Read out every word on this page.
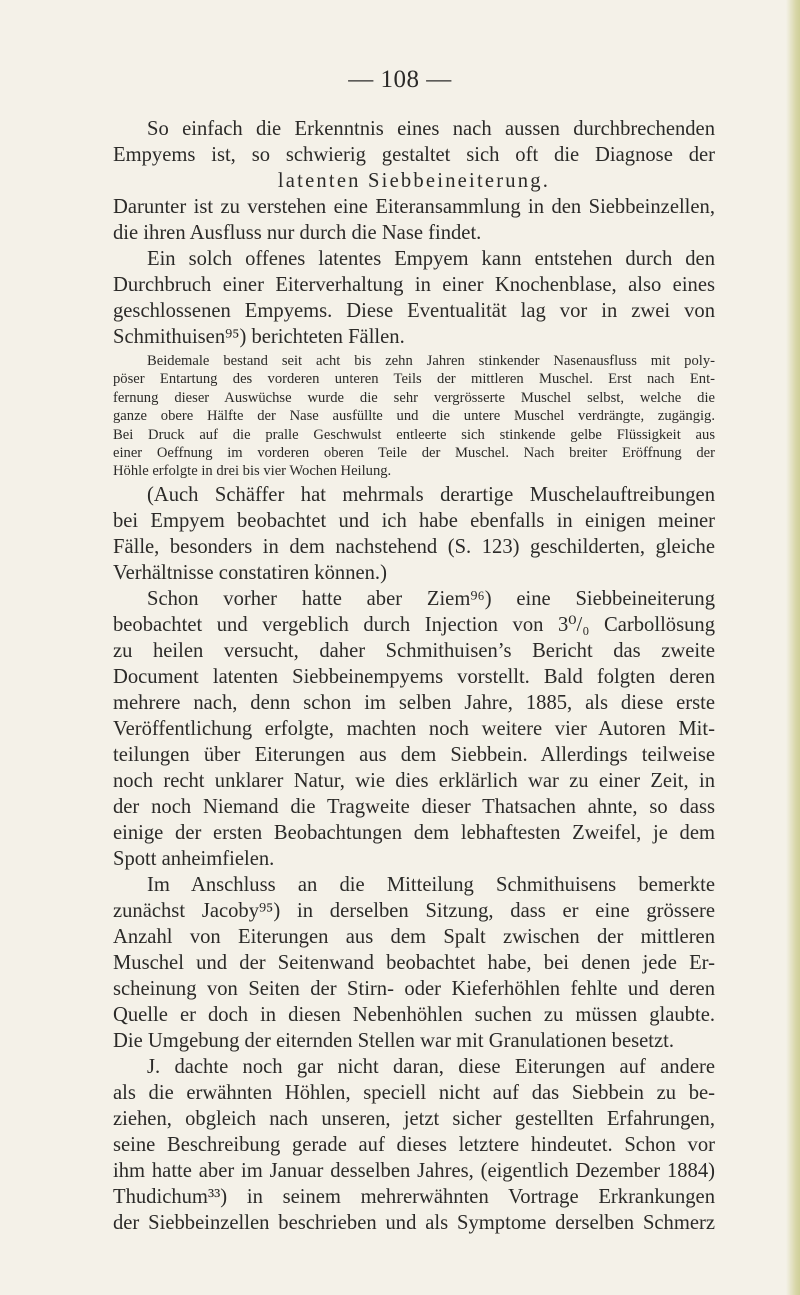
— 108 —
So einfach die Erkenntnis eines nach aussen durchbrechenden
Empyems ist, so schwierig gestaltet sich oft die Diagnose der
latenten Siebbeineiterung.
Darunter ist zu verstehen eine Eiteransammlung in den Siebbeinzellen,
die ihren Ausfluss nur durch die Nase findet.
Ein solch offenes latentes Empyem kann entstehen durch den
Durchbruch einer Eiterverhaltung in einer Knochenblase, also eines
geschlossenen Empyems. Diese Eventualität lag vor in zwei von
Schmithuisen⁹⁵) berichteten Fällen.
Beidemale bestand seit acht bis zehn Jahren stinkender Nasenausfluss mit poly-
pöser Entartung des vorderen unteren Teils der mittleren Muschel. Erst nach Ent-
fernung dieser Auswüchse wurde die sehr vergrösserte Muschel selbst, welche die
ganze obere Hälfte der Nase ausfüllte und die untere Muschel verdrängte, zugängig.
Bei Druck auf die pralle Geschwulst entleerte sich stinkende gelbe Flüssigkeit aus
einer Oeffnung im vorderen oberen Teile der Muschel. Nach breiter Eröffnung der
Höhle erfolgte in drei bis vier Wochen Heilung.
(Auch Schäffer hat mehrmals derartige Muschelauftreibungen
bei Empyem beobachtet und ich habe ebenfalls in einigen meiner
Fälle, besonders in dem nachstehend (S. 123) geschilderten, gleiche
Verhältnisse constatiren können.)
Schon vorher hatte aber Ziem⁹⁶) eine Siebbeineiterung
beobachtet und vergeblich durch Injection von 3⁰/₀ Carbollösung
zu heilen versucht, daher Schmithuisen’s Bericht das zweite
Document latenten Siebbeinempyems vorstellt. Bald folgten deren
mehrere nach, denn schon im selben Jahre, 1885, als diese erste
Veröffentlichung erfolgte, machten noch weitere vier Autoren Mit-
teilungen über Eiterungen aus dem Siebbein. Allerdings teilweise
noch recht unklarer Natur, wie dies erklärlich war zu einer Zeit, in
der noch Niemand die Tragweite dieser Thatsachen ahnte, so dass
einige der ersten Beobachtungen dem lebhaftesten Zweifel, je dem
Spott anheimfielen.
Im Anschluss an die Mitteilung Schmithuisens bemerkte
zunächst Jacoby⁹⁵) in derselben Sitzung, dass er eine grössere
Anzahl von Eiterungen aus dem Spalt zwischen der mittleren
Muschel und der Seitenwand beobachtet habe, bei denen jede Er-
scheinung von Seiten der Stirn- oder Kieferhöhlen fehlte und deren
Quelle er doch in diesen Nebenhöhlen suchen zu müssen glaubte.
Die Umgebung der eiternden Stellen war mit Granulationen besetzt.
J. dachte noch gar nicht daran, diese Eiterungen auf andere
als die erwähnten Höhlen, speciell nicht auf das Siebbein zu be-
ziehen, obgleich nach unseren, jetzt sicher gestellten Erfahrungen,
seine Beschreibung gerade auf dieses letztere hindeutet. Schon vor
ihm hatte aber im Januar desselben Jahres, (eigentlich Dezember 1884)
Thudichum³³) in seinem mehrerwähnten Vortrage Erkrankungen
der Siebbeinzellen beschrieben und als Symptome derselben Schmerz
